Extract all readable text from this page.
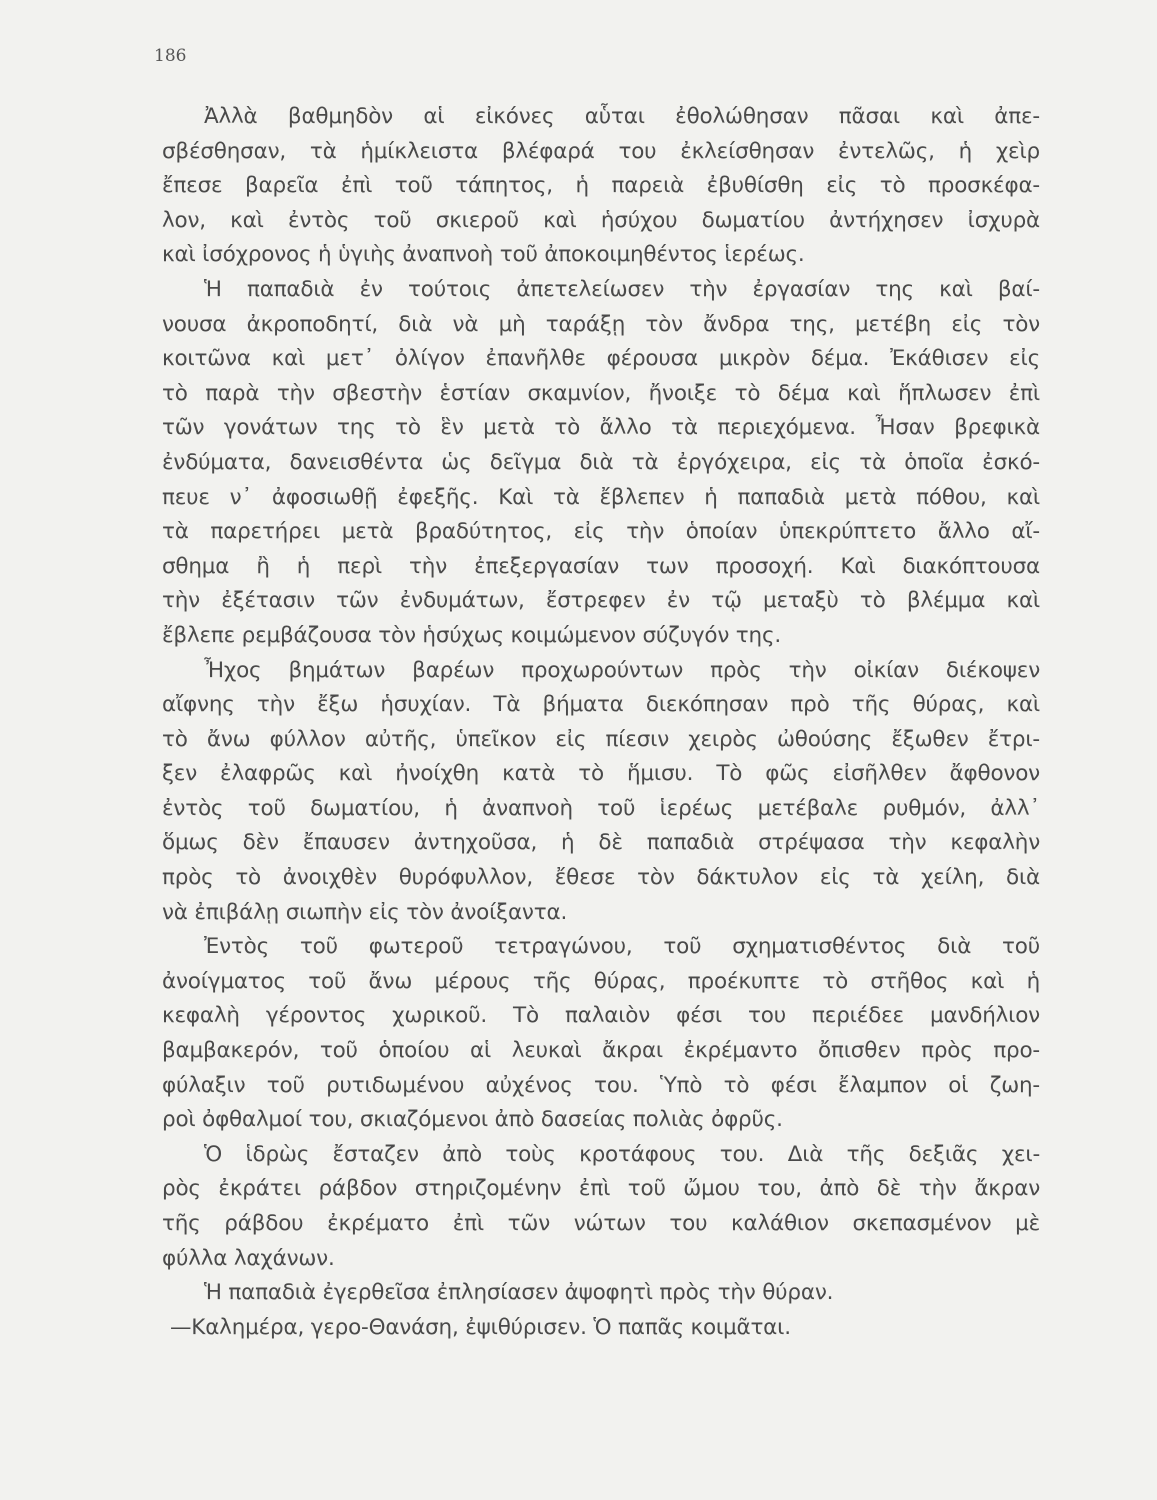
186
Ἀλλὰ βαθμηδὸν αἱ εἰκόνες αὗται ἐθολώθησαν πᾶσαι καὶ ἀπε-
σβέσθησαν, τὰ ἡμίκλειστα βλέφαρά του ἐκλείσθησαν ἐντελῶς, ἡ χεὶρ
ἔπεσε βαρεῖα ἐπὶ τοῦ τάπητος, ἡ παρειὰ ἐβυθίσθη εἰς τὸ προσκέφα-
λον, καὶ ἐντὸς τοῦ σκιεροῦ καὶ ἡσύχου δωματίου ἀντήχησεν ἰσχυρὰ
καὶ ἰσόχρονος ἡ ὑγιὴς ἀναπνοὴ τοῦ ἀποκοιμηθέντος ἱερέως.
Ἡ παπαδιὰ ἐν τούτοις ἀπετελείωσεν τὴν ἐργασίαν της καὶ βαί-
νουσα ἀκροποδητί, διὰ νὰ μὴ ταράξῃ τὸν ἄνδρα της, μετέβη εἰς τὸν
κοιτῶνα καὶ μετ᾽ ὀλίγον ἐπανῆλθε φέρουσα μικρὸν δέμα. Ἐκάθισεν εἰς
τὸ παρὰ τὴν σβεστὴν ἑστίαν σκαμνίον, ἤνοιξε τὸ δέμα καὶ ἥπλωσεν ἐπὶ
τῶν γονάτων της τὸ ἓν μετὰ τὸ ἄλλο τὰ περιεχόμενα. Ἦσαν βρεφικὰ
ἐνδύματα, δανεισθέντα ὡς δεῖγμα διὰ τὰ ἐργόχειρα, εἰς τὰ ὁποῖα ἐσκό-
πευε ν᾽ ἀφοσιωθῇ ἐφεξῆς. Καὶ τὰ ἔβλεπεν ἡ παπαδιὰ μετὰ πόθου, καὶ
τὰ παρετήρει μετὰ βραδύτητος, εἰς τὴν ὁποίαν ὑπεκρύπτετο ἄλλο αἴ-
σθημα ἢ ἡ περὶ τὴν ἐπεξεργασίαν των προσοχή. Καὶ διακόπτουσα
τὴν ἐξέτασιν τῶν ἐνδυμάτων, ἔστρεφεν ἐν τῷ μεταξὺ τὸ βλέμμα καὶ
ἔβλεπε ρεμβάζουσα τὸν ἡσύχως κοιμώμενον σύζυγόν της.
Ἦχος βημάτων βαρέων προχωρούντων πρὸς τὴν οἰκίαν διέκοψεν
αἴφνης τὴν ἔξω ἡσυχίαν. Τὰ βήματα διεκόπησαν πρὸ τῆς θύρας, καὶ
τὸ ἄνω φύλλον αὐτῆς, ὑπεῖκον εἰς πίεσιν χειρὸς ὠθούσης ἔξωθεν ἔτρι-
ξεν ἐλαφρῶς καὶ ἠνοίχθη κατὰ τὸ ἥμισυ. Τὸ φῶς εἰσῆλθεν ἄφθονον
ἐντὸς τοῦ δωματίου, ἡ ἀναπνοὴ τοῦ ἱερέως μετέβαλε ρυθμόν, ἀλλ᾽
ὅμως δὲν ἔπαυσεν ἀντηχοῦσα, ἡ δὲ παπαδιὰ στρέψασα τὴν κεφαλὴν
πρὸς τὸ ἀνοιχθὲν θυρόφυλλον, ἔθεσε τὸν δάκτυλον εἰς τὰ χείλη, διὰ
νὰ ἐπιβάλῃ σιωπὴν εἰς τὸν ἀνοίξαντα.
Ἐντὸς τοῦ φωτεροῦ τετραγώνου, τοῦ σχηματισθέντος διὰ τοῦ
ἀνοίγματος τοῦ ἄνω μέρους τῆς θύρας, προέκυπτε τὸ στῆθος καὶ ἡ
κεφαλὴ γέροντος χωρικοῦ. Τὸ παλαιὸν φέσι του περιέδεε μανδήλιον
βαμβακερόν, τοῦ ὁποίου αἱ λευκαὶ ἄκραι ἐκρέμαντο ὄπισθεν πρὸς προ-
φύλαξιν τοῦ ρυτιδωμένου αὐχένος του. Ὑπὸ τὸ φέσι ἔλαμπον οἱ ζωη-
ροὶ ὀφθαλμοί του, σκιαζόμενοι ἀπὸ δασείας πολιὰς ὀφρῦς.
Ὁ ἱδρὼς ἔσταζεν ἀπὸ τοὺς κροτάφους του. Διὰ τῆς δεξιᾶς χει-
ρὸς ἐκράτει ράβδον στηριζομένην ἐπὶ τοῦ ὤμου του, ἀπὸ δὲ τὴν ἄκραν
τῆς ράβδου ἐκρέματο ἐπὶ τῶν νώτων του καλάθιον σκεπασμένον μὲ
φύλλα λαχάνων.
Ἡ παπαδιὰ ἐγερθεῖσα ἐπλησίασεν ἀψοφητὶ πρὸς τὴν θύραν.
—Καλημέρα, γερο-Θανάση, ἐψιθύρισεν. Ὁ παπᾶς κοιμᾶται.
